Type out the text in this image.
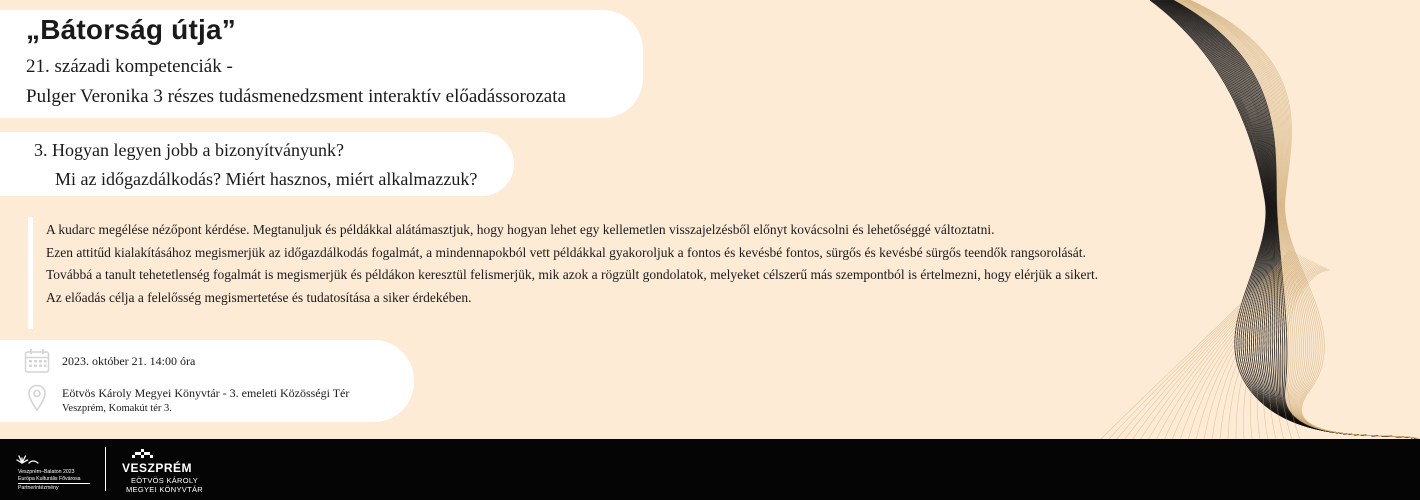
„Bátorság útja”

21. századi kompetenciák -

Pulger Veronika 3 részes tudásmenedzsment interaktív előadássorozata

3. Hogyan legyen jobb a bizonyítványunk?

Mi az időgazdálkodás? Miért hasznos, miért alkalmazzuk?

A kudarc megélése nézőpont kérdése. Megtanuljuk és példákkal alátámasztjuk, hogy hogyan lehet egy kellemetlen visszajelzésből előnyt kovácsolni és lehetőséggé változtatni.

Ezen attitűd kialakításához megismerjük az időgazdálkodás fogalmát, a mindennapokból vett példákkal gyakoroljuk a fontos és kevésbé fontos, sürgős és kevésbé sürgős teendők rangsorolását. Továbbá a tanult tehetetlenség fogalmát is megismerjük és példákon keresztül felismerjük, mik azok a rögzült gondolatok, melyeket célszerű más szempontból is értelmezni, hogy elérjük a sikert.

Az előadás célja a felelősség megismertetése és tudatosítása a siker érdekében.

2023. október 21. 14:00 óra

Eötvös Károly Megyei Könyvtár - 3. emeleti Közösségi Tér

Veszprém, Komakút tér 3.

Veszprém–Balaton 2023

Európa Kulturális Fővárosa

Partnerintézmény

VESZPRÉM

EÖTVÖS KÁROLY

MEGYEI KÖNYVTÁR
